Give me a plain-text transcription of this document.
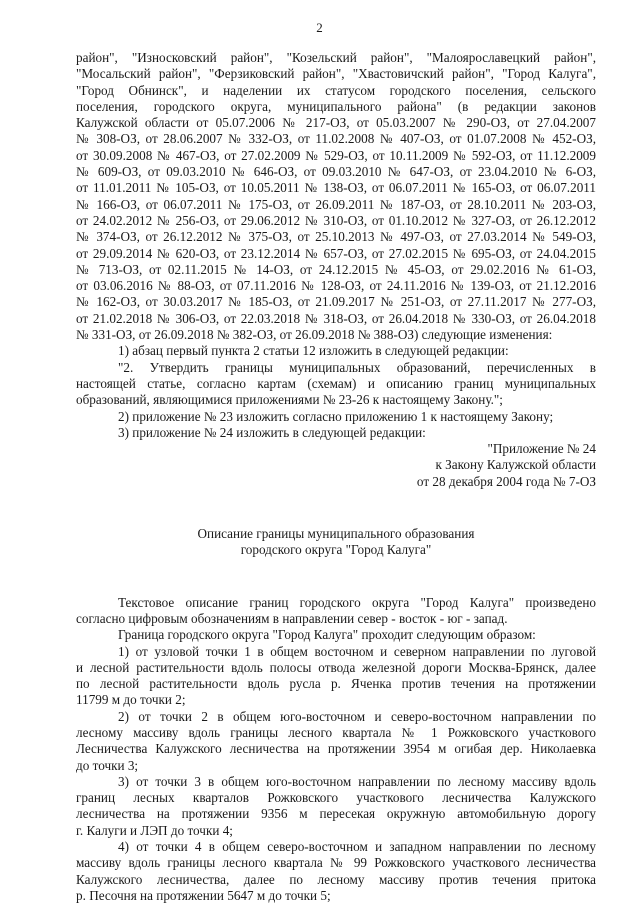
2
район", "Износковский район", "Козельский район", "Малоярославецкий район",
"Мосальский район", "Ферзиковский район", "Хвастовичский район", "Город Калуга",
"Город Обнинск", и наделении их статусом городского поселения, сельского
поселения, городского округа, муниципального района" (в редакции законов
Калужской области от 05.07.2006 № 217-ОЗ, от 05.03.2007 № 290-ОЗ, от 27.04.2007
№ 308-ОЗ, от 28.06.2007 № 332-ОЗ, от 11.02.2008 № 407-ОЗ, от 01.07.2008 № 452-ОЗ,
от 30.09.2008 № 467-ОЗ, от 27.02.2009 № 529-ОЗ, от 10.11.2009 № 592-ОЗ, от 11.12.2009
№ 609-ОЗ, от 09.03.2010 № 646-ОЗ, от 09.03.2010 № 647-ОЗ, от 23.04.2010 № 6-ОЗ,
от 11.01.2011 № 105-ОЗ, от 10.05.2011 № 138-ОЗ, от 06.07.2011 № 165-ОЗ, от 06.07.2011
№ 166-ОЗ, от 06.07.2011 № 175-ОЗ, от 26.09.2011 № 187-ОЗ, от 28.10.2011 № 203-ОЗ,
от 24.02.2012 № 256-ОЗ, от 29.06.2012 № 310-ОЗ, от 01.10.2012 № 327-ОЗ, от 26.12.2012
№ 374-ОЗ, от 26.12.2012 № 375-ОЗ, от 25.10.2013 № 497-ОЗ, от 27.03.2014 № 549-ОЗ,
от 29.09.2014 № 620-ОЗ, от 23.12.2014 № 657-ОЗ, от 27.02.2015 № 695-ОЗ, от 24.04.2015
№ 713-ОЗ, от 02.11.2015 № 14-ОЗ, от 24.12.2015 № 45-ОЗ, от 29.02.2016 № 61-ОЗ,
от 03.06.2016 № 88-ОЗ, от 07.11.2016 № 128-ОЗ, от 24.11.2016 № 139-ОЗ, от 21.12.2016
№ 162-ОЗ, от 30.03.2017 № 185-ОЗ, от 21.09.2017 № 251-ОЗ, от 27.11.2017 № 277-ОЗ,
от 21.02.2018 № 306-ОЗ, от 22.03.2018 № 318-ОЗ, от 26.04.2018 № 330-ОЗ, от 26.04.2018
№ 331-ОЗ, от 26.09.2018 № 382-ОЗ, от 26.09.2018 № 388-ОЗ) следующие изменения:
1) абзац первый пункта 2 статьи 12 изложить в следующей редакции:
"2. Утвердить границы муниципальных образований, перечисленных в
настоящей статье, согласно картам (схемам) и описанию границ муниципальных
образований, являющимися приложениями № 23-26 к настоящему Закону.";
2) приложение № 23 изложить согласно приложению 1 к настоящему Закону;
3) приложение № 24 изложить в следующей редакции:
"Приложение № 24
к Закону Калужской области
от 28 декабря 2004 года № 7-ОЗ
Описание границы муниципального образования
городского округа "Город Калуга"
Текстовое описание границ городского округа "Город Калуга" произведено
согласно цифровым обозначениям в направлении север - восток - юг - запад.
Граница городского округа "Город Калуга" проходит следующим образом:
1) от узловой точки 1 в общем восточном и северном направлении по луговой
и лесной растительности вдоль полосы отвода железной дороги Москва-Брянск, далее
по лесной растительности вдоль русла р. Яченка против течения на протяжении
11799 м до точки 2;
2) от точки 2 в общем юго-восточном и северо-восточном направлении по
лесному массиву вдоль границы лесного квартала № 1 Рожковского участкового
Лесничества Калужского лесничества на протяжении 3954 м огибая дер. Николаевка
до точки 3;
3) от точки 3 в общем юго-восточном направлении по лесному массиву вдоль
границ лесных кварталов Рожковского участкового лесничества Калужского
лесничества на протяжении 9356 м пересекая окружную автомобильную дорогу
г. Калуги и ЛЭП до точки 4;
4) от точки 4 в общем северо-восточном и западном направлении по лесному
массиву вдоль границы лесного квартала № 99 Рожковского участкового лесничества
Калужского лесничества, далее по лесному массиву против течения притока
р. Песочня на протяжении 5647 м до точки 5;
